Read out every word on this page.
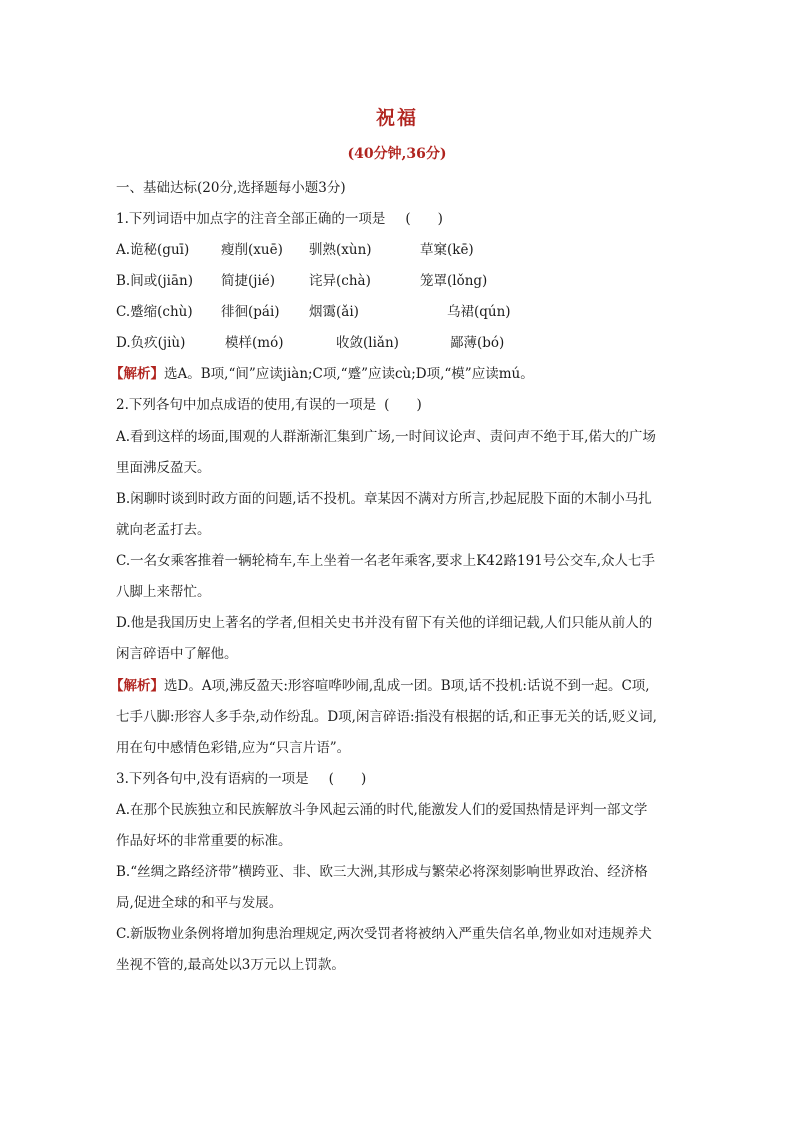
祝福
(40分钟,36分)
一、基础达标(20分,选择题每小题3分)
1.下列词语中加点字的注音全部正确的一项是 (　　)
A.诡秘(guī) 瘦削(xuē) 驯熟(xùn)	草窠(kē)
B.间或(jiān) 简捷(jié)	诧异(chà)	笼罩(lǒng)
C.蹙缩(chù) 徘徊(pái) 烟霭(ǎi)	乌裙(qún)
D.负疚(jiù)	模样(mó)	收敛(liǎn)	鄙薄(bó)
【解析】选A。B项,“间”应读jiàn;C项,“蹙”应读cù;D项,“模”应读mú。
2.下列各句中加点成语的使用,有误的一项是 (　　)
A.看到这样的场面,围观的人群渐渐汇集到广场,一时间议论声、责问声不绝于耳,偌大的广场
里面沸反盈天。
B.闲聊时谈到时政方面的问题,话不投机。章某因不满对方所言,抄起屁股下面的木制小马扎
就向老孟打去。
C.一名女乘客推着一辆轮椅车,车上坐着一名老年乘客,要求上K42路191号公交车,众人七手
八脚上来帮忙。
D.他是我国历史上著名的学者,但相关史书并没有留下有关他的详细记载,人们只能从前人的
闲言碎语中了解他。
【解析】选D。A项,沸反盈天:形容喧哗吵闹,乱成一团。B项,话不投机:话说不到一起。C项,
七手八脚:形容人多手杂,动作纷乱。D项,闲言碎语:指没有根据的话,和正事无关的话,贬义词,
用在句中感情色彩错,应为“只言片语”。
3.下列各句中,没有语病的一项是 (　　)
A.在那个民族独立和民族解放斗争风起云涌的时代,能激发人们的爱国热情是评判一部文学
作品好坏的非常重要的标准。
B.“丝绸之路经济带”横跨亚、非、欧三大洲,其形成与繁荣必将深刻影响世界政治、经济格
局,促进全球的和平与发展。
C.新版物业条例将增加狗患治理规定,两次受罚者将被纳入严重失信名单,物业如对违规养犬
坐视不管的,最高处以3万元以上罚款。
